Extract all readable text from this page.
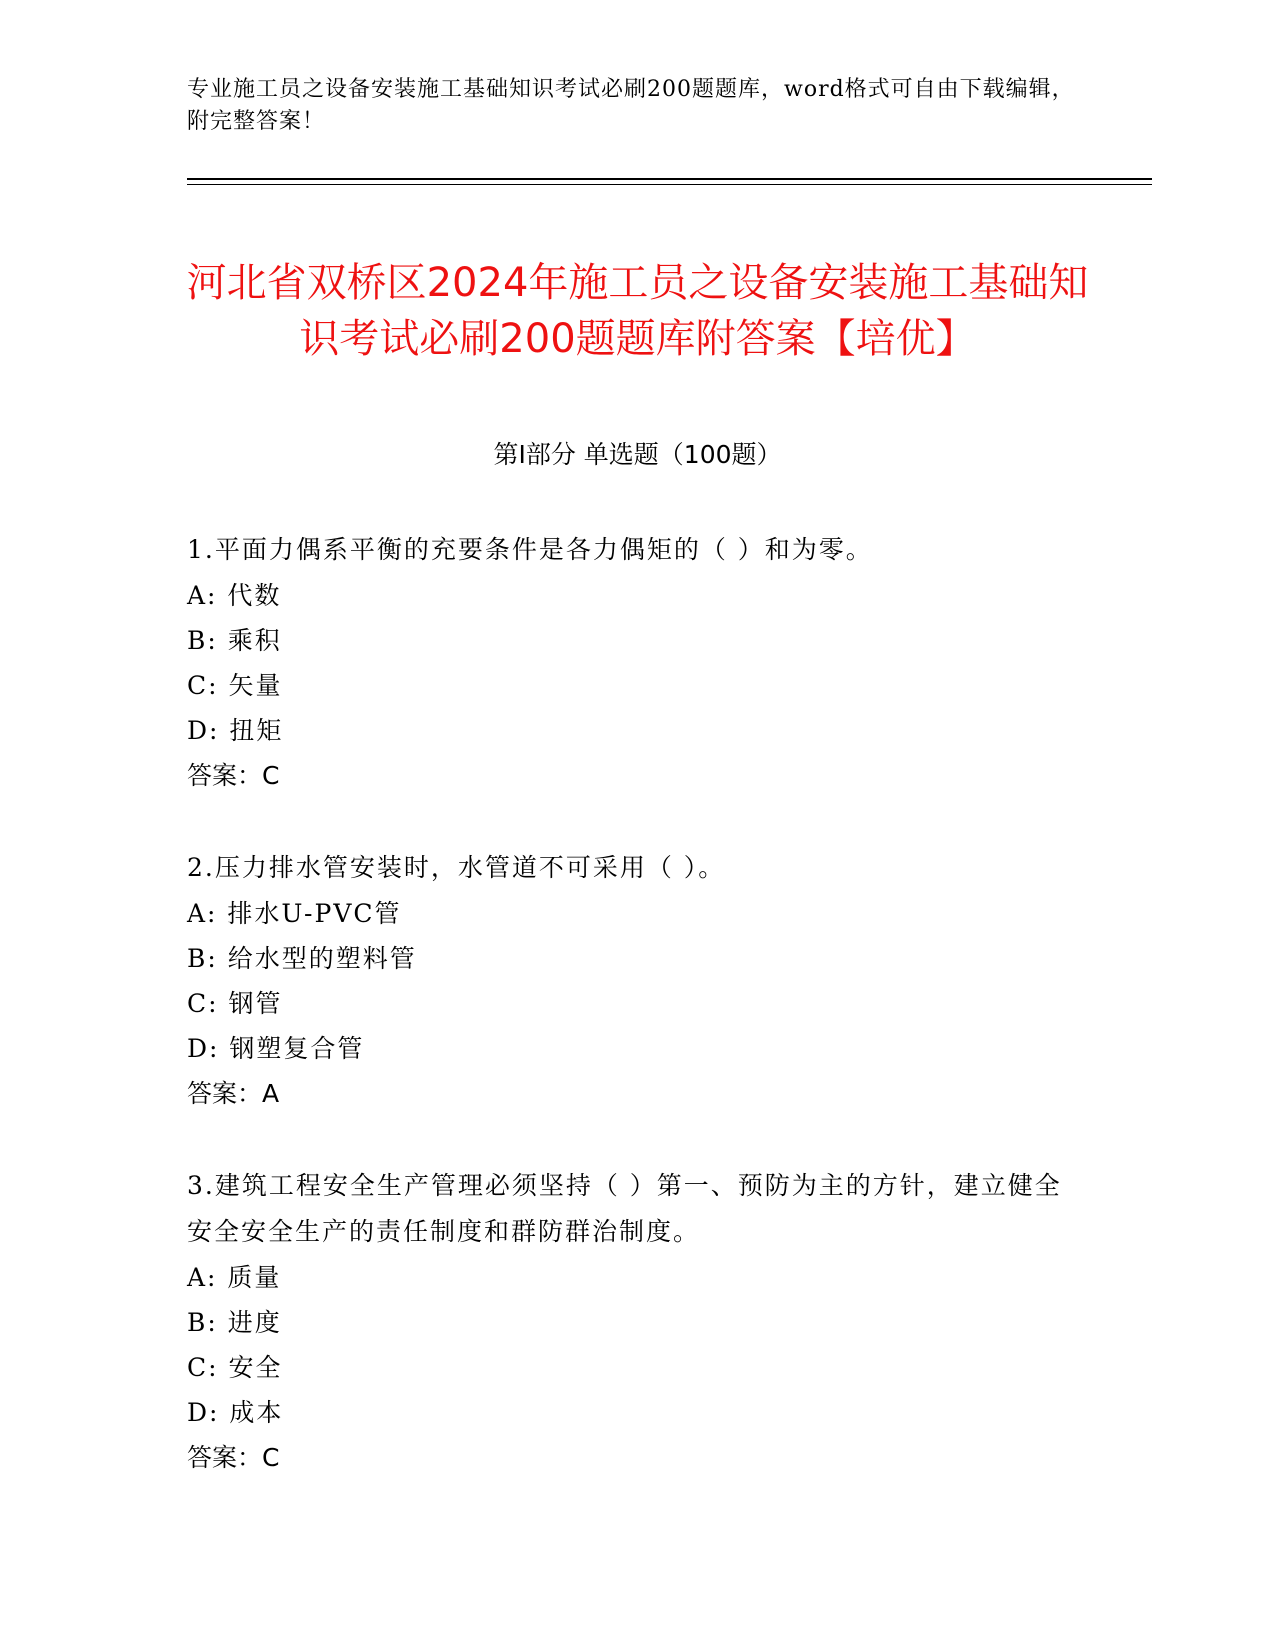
专业施工员之设备安装施工基础知识考试必刷200题题库，word格式可自由下载编辑，附完整答案！
河北省双桥区2024年施工员之设备安装施工基础知识考试必刷200题题库附答案【培优】
第Ⅰ部分 单选题（100题）

1.平面力偶系平衡的充要条件是各力偶矩的（ ）和为零。

A: 代数

B: 乘积

C: 矢量

D: 扭矩

答案：C

2.压力排水管安装时，水管道不可采用（ ）。

A: 排水U-PVC管

B: 给水型的塑料管

C: 钢管

D: 钢塑复合管

答案：A

3.建筑工程安全生产管理必须坚持（ ）第一、预防为主的方针，建立健全安全安全生产的责任制度和群防群治制度。

A: 质量

B: 进度

C: 安全

D: 成本

答案：C
